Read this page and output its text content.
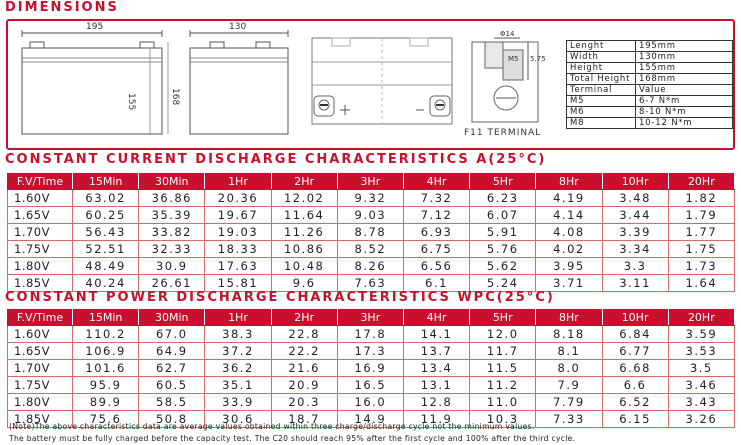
DIMENSIONS
195	130
155	168
Φ14
M5 5.75
F11 TERMINAL
Lenght	195mm
Width	130mm
Height	155mm
Total Height	168mm
Terminal	Value
M5	6-7 N*m
M6	8-10 N*m
M8	10-12 N*m
CONSTANT CURRENT DISCHARGE CHARACTERISTICS A(25°C)
F.V/Time	15Min	30Min	1Hr	2Hr	3Hr	4Hr	5Hr	8Hr	10Hr	20Hr
1.60V	63.02	36.86	20.36	12.02	9.32	7.32	6.23	4.19	3.48	1.82
1.65V	60.25	35.39	19.67	11.64	9.03	7.12	6.07	4.14	3.44	1.79
1.70V	56.43	33.82	19.03	11.26	8.78	6.93	5.91	4.08	3.39	1.77
1.75V	52.51	32.33	18.33	10.86	8.52	6.75	5.76	4.02	3.34	1.75
1.80V	48.49	30.9	17.63	10.48	8.26	6.56	5.62	3.95	3.3	1.73
1.85V	40.24	26.61	15.81	9.6	7.63	6.1	5.24	3.71	3.11	1.64
CONSTANT POWER DISCHARGE CHARACTERISTICS WPC(25°C)
F.V/Time	15Min	30Min	1Hr	2Hr	3Hr	4Hr	5Hr	8Hr	10Hr	20Hr
1.60V	110.2	67.0	38.3	22.8	17.8	14.1	12.0	8.18	6.84	3.59
1.65V	106.9	64.9	37.2	22.2	17.3	13.7	11.7	8.1	6.77	3.53
1.70V	101.6	62.7	36.2	21.6	16.9	13.4	11.5	8.0	6.68	3.5
1.75V	95.9	60.5	35.1	20.9	16.5	13.1	11.2	7.9	6.6	3.46
1.80V	89.9	58.5	33.9	20.3	16.0	12.8	11.0	7.79	6.52	3.43
1.85V	75.6	50.8	30.6	18.7	14.9	11.9	10.3	7.33	6.15	3.26
(Note)The above characteristics data are average values obtained within three charge/discharge cycle not the minimum values.
The battery must be fully charged before the capacity test. The C20 should reach 95% after the first cycle and 100% after the third cycle.
